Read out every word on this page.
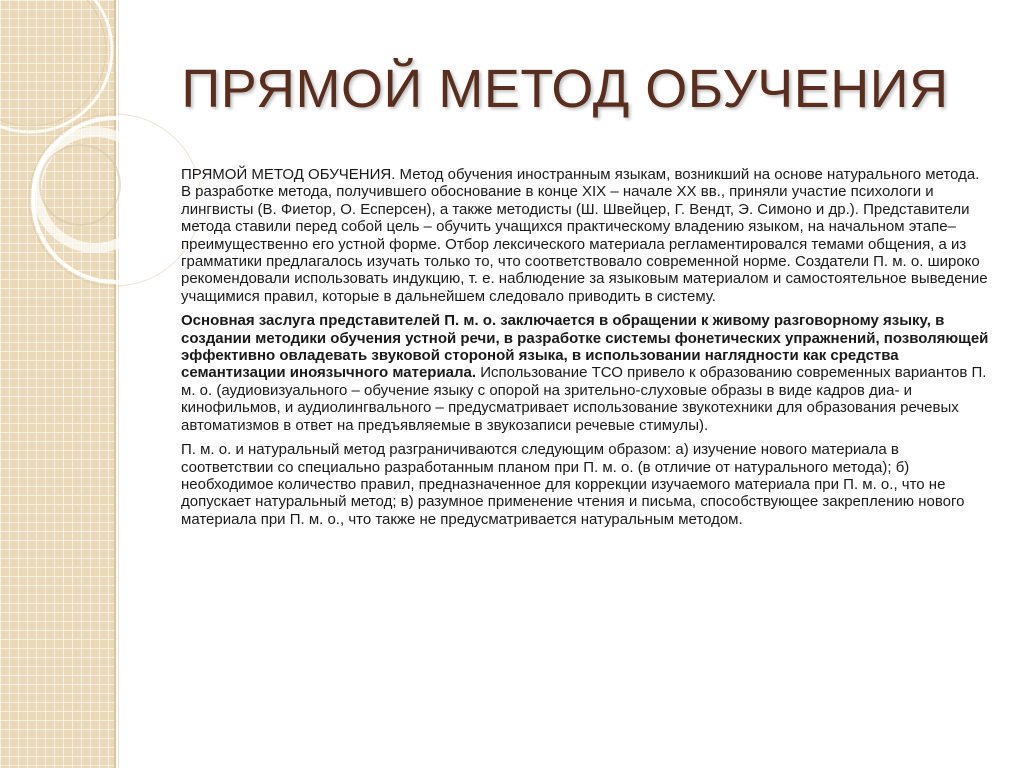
ПРЯМОЙ МЕТОД ОБУЧЕНИЯ

ПРЯМОЙ МЕТОД ОБУЧЕНИЯ. Метод обучения иностранным языкам, возникший на основе натурального метода. В разработке метода, получившего обоснование в конце XIX – начале XX вв., приняли участие психологи и лингвисты (В. Фиетор, О. Есперсен), а также методисты (Ш. Швейцер, Г. Вендт, Э. Симоно и др.). Представители метода ставили перед собой цель – обучить учащихся практическому владению языком, на начальном этапе– преимущественно его устной форме. Отбор лексического материала регламентировался темами общения, а из грамматики предлагалось изучать только то, что соответствовало современной норме. Создатели П. м. о. широко рекомендовали использовать индукцию, т. е. наблюдение за языковым материалом и самостоятельное выведение учащимися правил, которые в дальнейшем следовало приводить в систему.

Основная заслуга представителей П. м. о. заключается в обращении к живому разговорному языку, в создании методики обучения устной речи, в разработке системы фонетических упражнений, позволяющей эффективно овладевать звуковой стороной языка, в использовании наглядности как средства семантизации иноязычного материала. Использование ТСО привело к образованию современных вариантов П. м. о. (аудиовизуального – обучение языку с опорой на зрительно-слуховые образы в виде кадров диа- и кинофильмов, и аудиолингвального – предусматривает использование звукотехники для образования речевых автоматизмов в ответ на предъявляемые в звукозаписи речевые стимулы).

П. м. о. и натуральный метод разграничиваются следующим образом: а) изучение нового материала в соответствии со специально разработанным планом при П. м. о. (в отличие от натурального метода); б) необходимое количество правил, предназначенное для коррекции изучаемого материала при П. м. о., что не допускает натуральный метод; в) разумное применение чтения и письма, способствующее закреплению нового материала при П. м. о., что также не предусматривается натуральным методом.
